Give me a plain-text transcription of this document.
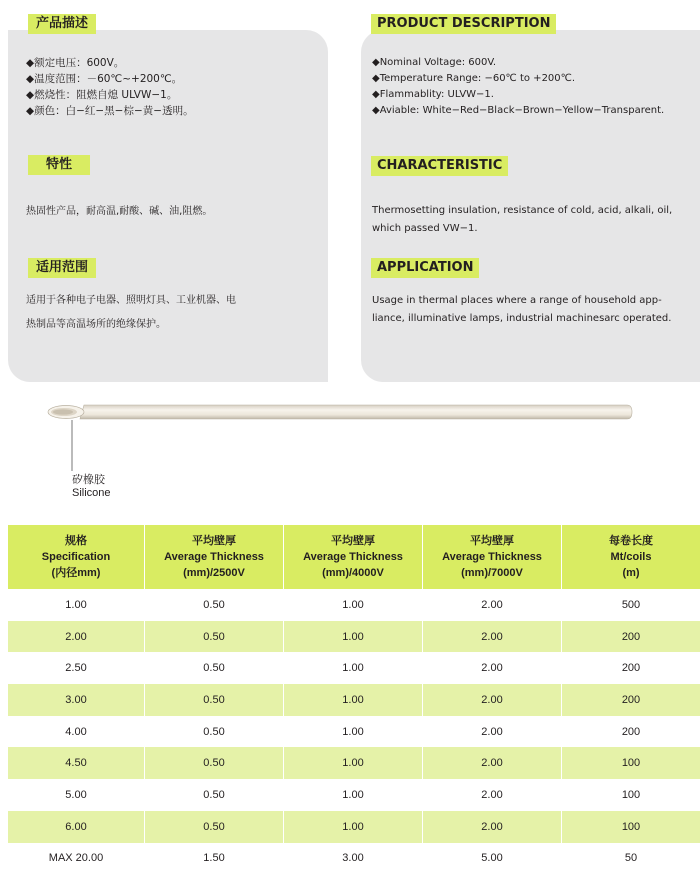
产品描述
◆额定电压：600V。
◆温度范围：－60℃~+200℃。
◆燃烧性：阻燃自熄 ULVW−1。
◆颜色：白−红−黑−棕−黄−透明。
特性
热固性产品，耐高温,耐酸、碱、油,阻燃。
适用范围
适用于各种电子电器、照明灯具、工业机器、电
热制品等高温场所的绝缘保护。
PRODUCT DESCRIPTION
◆Nominal Voltage: 600V.
◆Temperature Range: −60℃ to +200℃.
◆Flammablity: ULVW−1.
◆Aviable: White−Red−Black−Brown−Yellow−Transparent.
CHARACTERISTIC
Thermosetting insulation, resistance of cold, acid, alkali, oil,
which passed VW−1.
APPLICATION
Usage in thermal places where a range of household app-
liance, illuminative lamps, industrial machinesarc operated.
矽橡胶
Silicone
规格
Specification
(内径mm)	平均壁厚
Average Thickness
(mm)/2500V	平均壁厚
Average Thickness
(mm)/4000V	平均壁厚
Average Thickness
(mm)/7000V	每卷长度
Mt/coils
(m)

1.00	0.50	1.00	2.00	500
2.00	0.50	1.00	2.00	200
2.50	0.50	1.00	2.00	200
3.00	0.50	1.00	2.00	200
4.00	0.50	1.00	2.00	200
4.50	0.50	1.00	2.00	100
5.00	0.50	1.00	2.00	100
6.00	0.50	1.00	2.00	100
MAX 20.00	1.50	3.00	5.00	50
